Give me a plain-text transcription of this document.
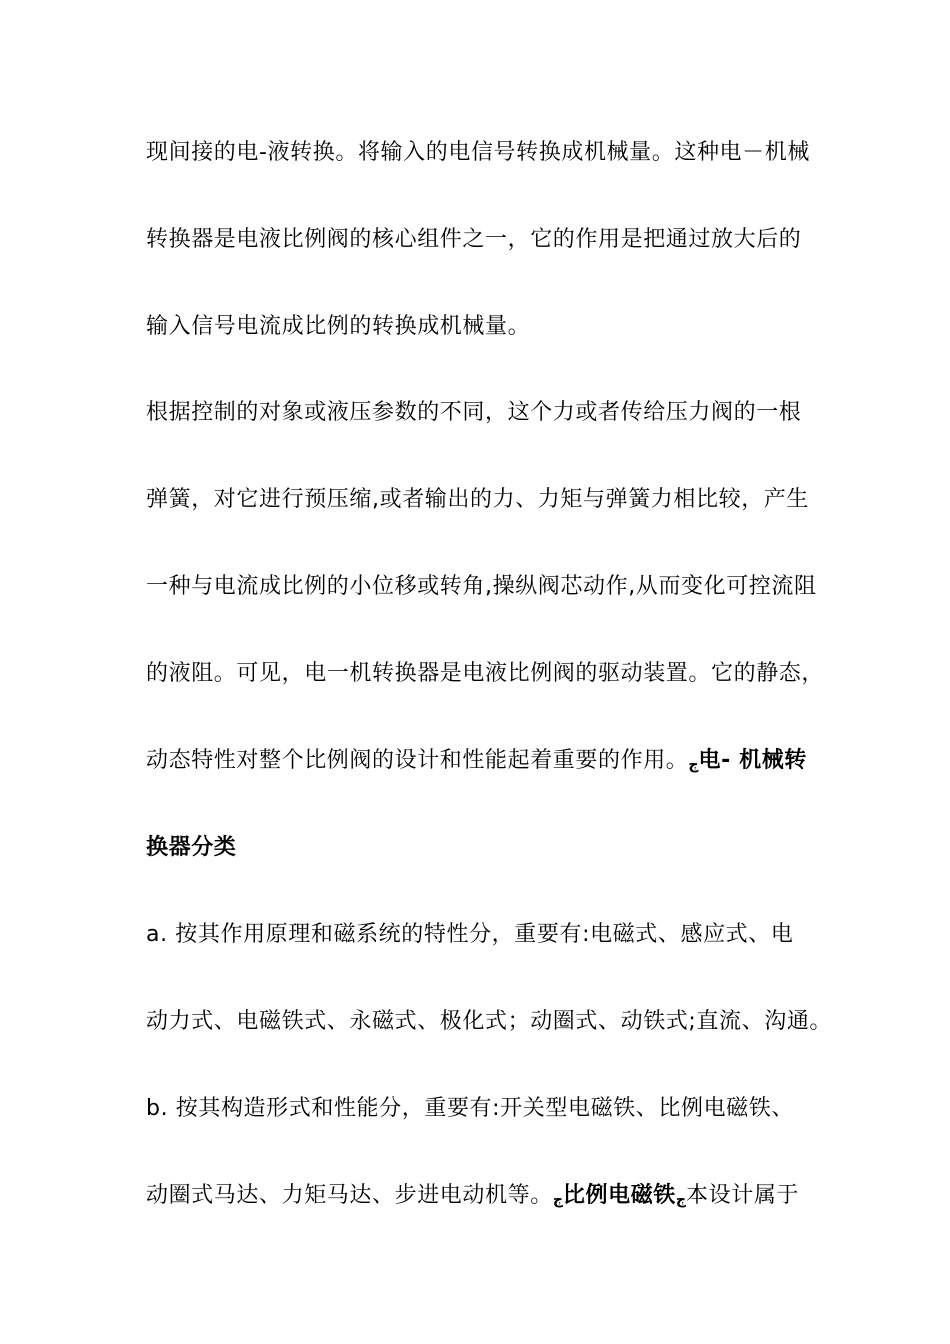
现间接的电-液转换。将输入的电信号转换成机械量。这种电－机械
转换器是电液比例阀的核心组件之一，它的作用是把通过放大后的
输入信号电流成比例的转换成机械量。
根据控制的对象或液压参数的不同，这个力或者传给压力阀的一根
弹簧，对它进行预压缩,或者输出的力、力矩与弹簧力相比较，产生
一种与电流成比例的小位移或转角,操纵阀芯动作,从而变化可控流阻
的液阻。可见，电一机转换器是电液比例阀的驱动装置。它的静态，
动态特性对整个比例阀的设计和性能起着重要的作用。ڄ电- 机械转
换器分类
a. 按其作用原理和磁系统的特性分，重要有:电磁式、感应式、电
动力式、电磁铁式、永磁式、极化式；动圈式、动铁式;直流、沟通。
b. 按其构造形式和性能分，重要有:开关型电磁铁、比例电磁铁、
动圈式马达、力矩马达、步进电动机等。ڄ比例电磁铁ڄ本设计属于
